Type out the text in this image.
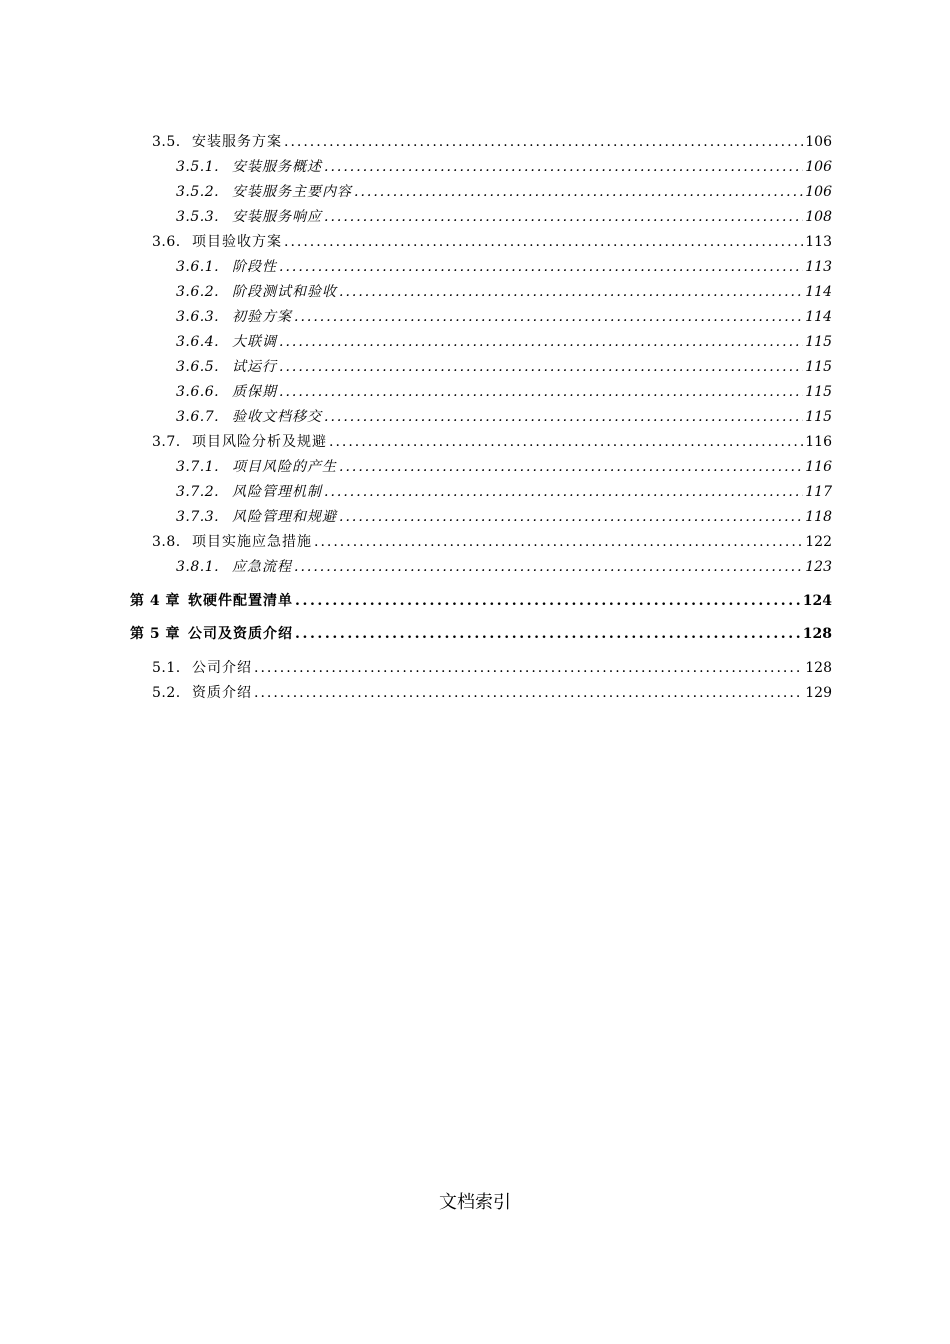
3.5. 安装服务方案 .....	106
3.5.1. 安装服务概述 .....	106
3.5.2. 安装服务主要内容 .....	106
3.5.3. 安装服务响应 .....	108
3.6. 项目验收方案 .....	113
3.6.1. 阶段性 .....	113
3.6.2. 阶段测试和验收 .....	114
3.6.3. 初验方案 .....	114
3.6.4. 大联调 .....	115
3.6.5. 试运行 .....	115
3.6.6. 质保期 .....	115
3.6.7. 验收文档移交 .....	115
3.7. 项目风险分析及规避 .....	116
3.7.1. 项目风险的产生 .....	116
3.7.2. 风险管理机制 .....	117
3.7.3. 风险管理和规避 .....	118
3.8. 项目实施应急措施 .....	122
3.8.1. 应急流程 .....	123
第 4 章 软硬件配置清单 .....	124
第 5 章 公司及资质介绍 .....	128
5.1. 公司介绍 .....	128
5.2. 资质介绍 .....	129
文档索引
